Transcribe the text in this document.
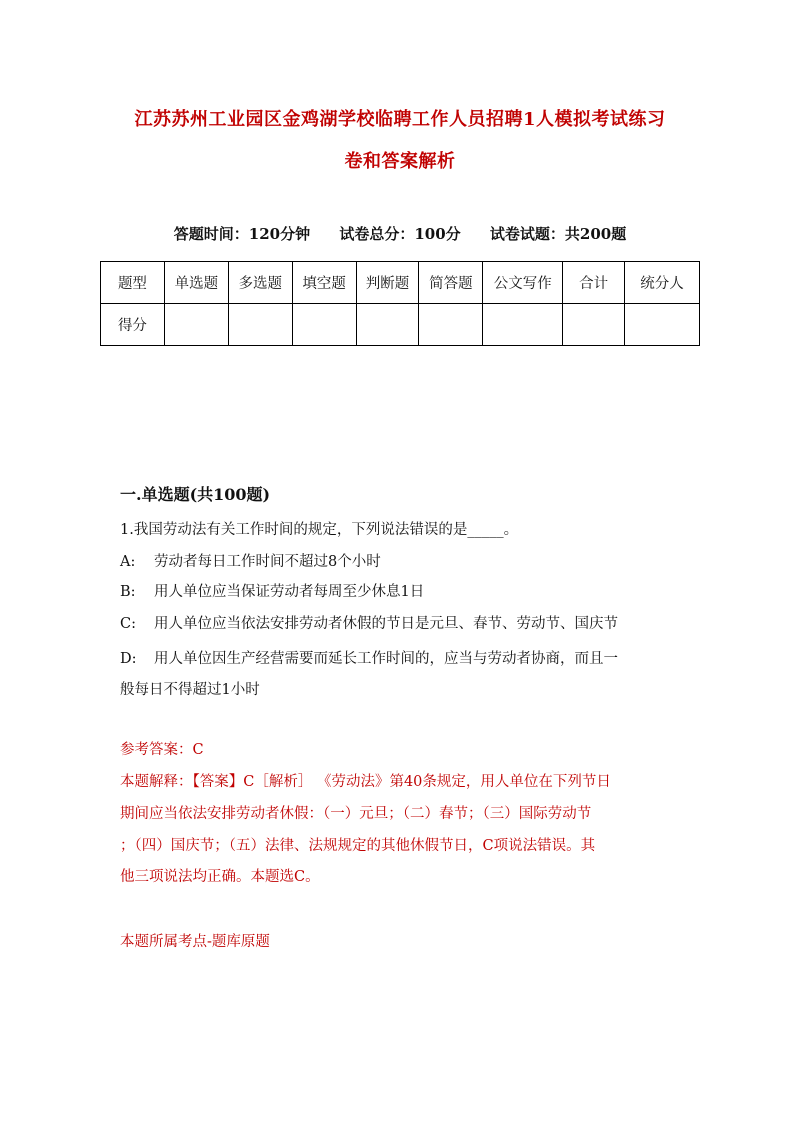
江苏苏州工业园区金鸡湖学校临聘工作人员招聘1人模拟考试练习
卷和答案解析
答题时间：120分钟 试卷总分：100分 试卷试题：共200题
题型	单选题	多选题	填空题	判断题	简答题	公文写作	合计	统分人
得分								
一.单选题(共100题)
1.我国劳动法有关工作时间的规定，下列说法错误的是_____。
A: 劳动者每日工作时间不超过8个小时
B: 用人单位应当保证劳动者每周至少休息1日
C: 用人单位应当依法安排劳动者休假的节日是元旦、春节、劳动节、国庆节
D: 用人单位因生产经营需要而延长工作时间的，应当与劳动者协商，而且一
般每日不得超过1小时
参考答案：C
本题解释：【答案】C［解析］ 《劳动法》第40条规定，用人单位在下列节日
期间应当依法安排劳动者休假：（一）元旦；（二）春节；（三）国际劳动节
；（四）国庆节；（五）法律、法规规定的其他休假节日，C项说法错误。其
他三项说法均正确。本题选C。
本题所属考点-题库原题
